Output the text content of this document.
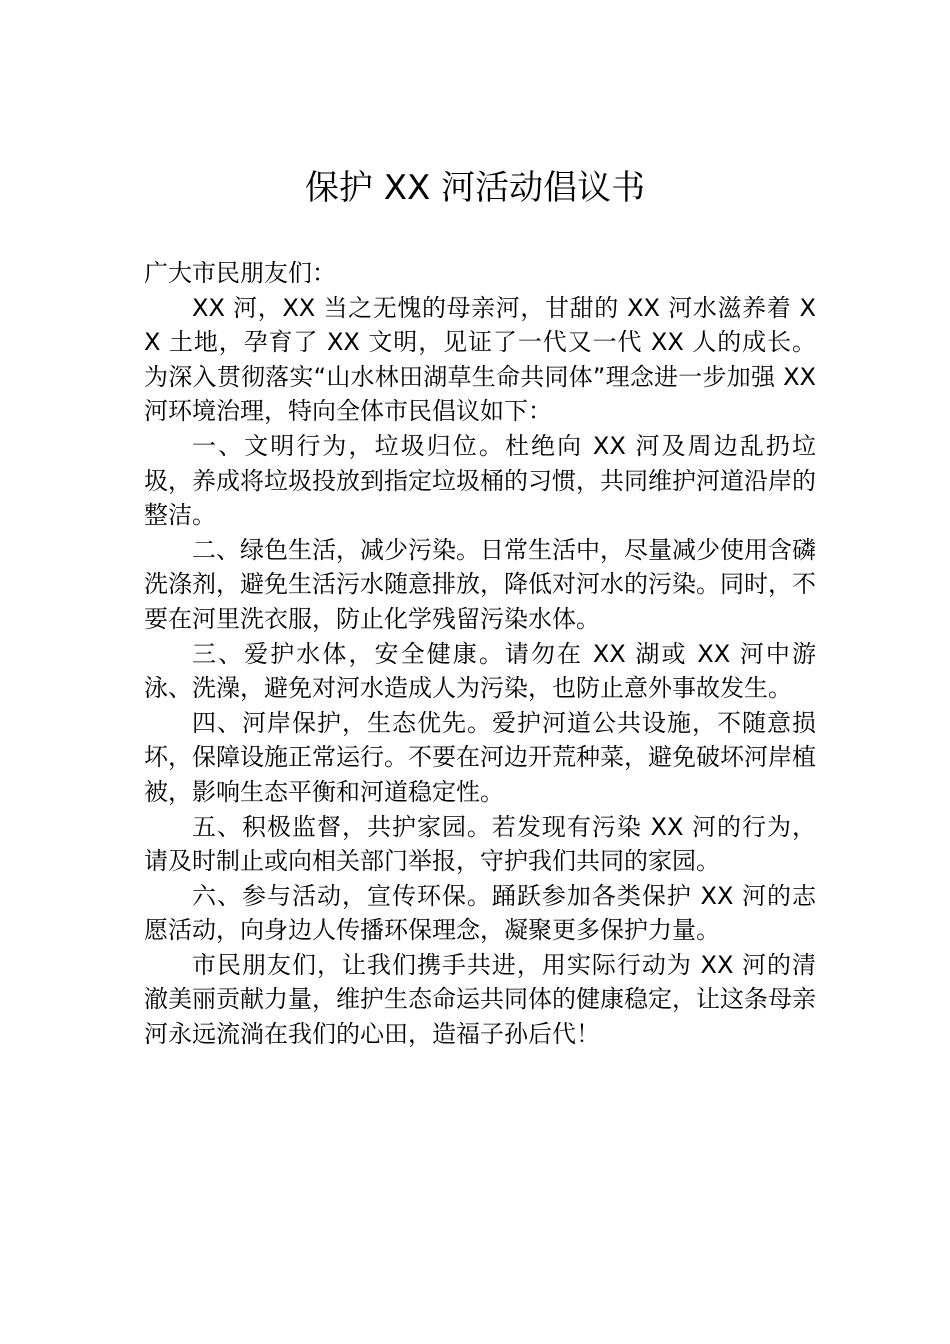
保护 XX 河活动倡议书

广大市民朋友们：

XX 河，XX 当之无愧的母亲河，甘甜的 XX 河水滋养着 XX 土地，孕育了 XX 文明，见证了一代又一代 XX 人的成长。为深入贯彻落实“山水林田湖草生命共同体”理念进一步加强 XX 河环境治理，特向全体市民倡议如下：

一、文明行为，垃圾归位。杜绝向 XX 河及周边乱扔垃圾，养成将垃圾投放到指定垃圾桶的习惯，共同维护河道沿岸的整洁。

二、绿色生活，减少污染。日常生活中，尽量减少使用含磷洗涤剂，避免生活污水随意排放，降低对河水的污染。同时，不要在河里洗衣服，防止化学残留污染水体。

三、爱护水体，安全健康。请勿在 XX 湖或 XX 河中游泳、洗澡，避免对河水造成人为污染，也防止意外事故发生。

四、河岸保护，生态优先。爱护河道公共设施，不随意损坏，保障设施正常运行。不要在河边开荒种菜，避免破坏河岸植被，影响生态平衡和河道稳定性。

五、积极监督，共护家园。若发现有污染 XX 河的行为，请及时制止或向相关部门举报，守护我们共同的家园。

六、参与活动，宣传环保。踊跃参加各类保护 XX 河的志愿活动，向身边人传播环保理念，凝聚更多保护力量。

市民朋友们，让我们携手共进，用实际行动为 XX 河的清澈美丽贡献力量，维护生态命运共同体的健康稳定，让这条母亲河永远流淌在我们的心田，造福子孙后代！
